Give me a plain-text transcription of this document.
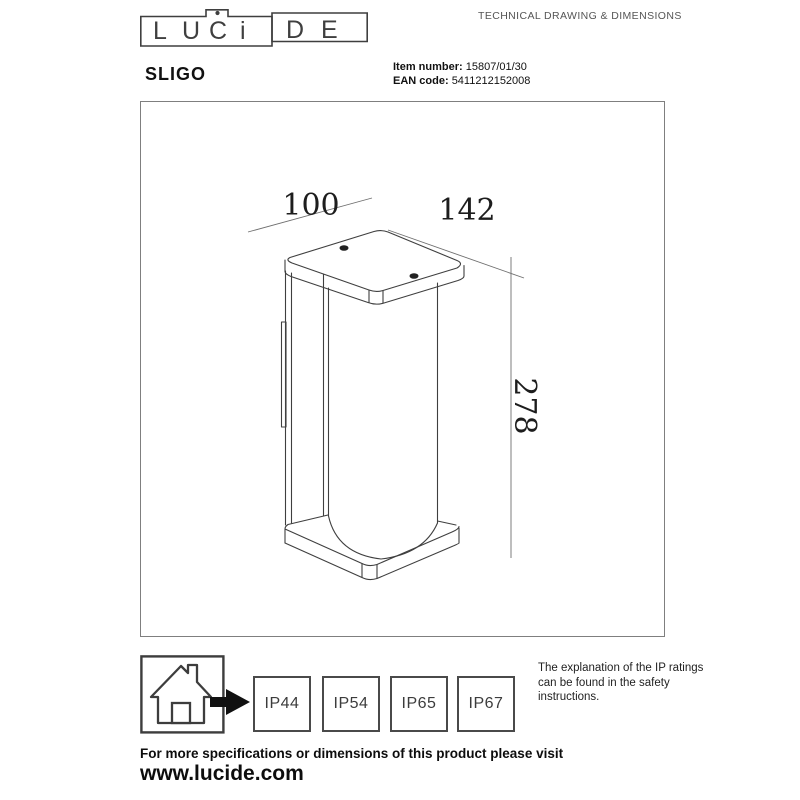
L U C i D E
SLIGO
TECHNICAL DRAWING & DIMENSIONS
Item number: 15807/01/30
EAN code: 5411212152008
100	142
278
IP44 IP54 IP65 IP67
The explanation of the IP ratings can be found in the safety instructions.
For more specifications or dimensions of this product please visit
www.lucide.com
